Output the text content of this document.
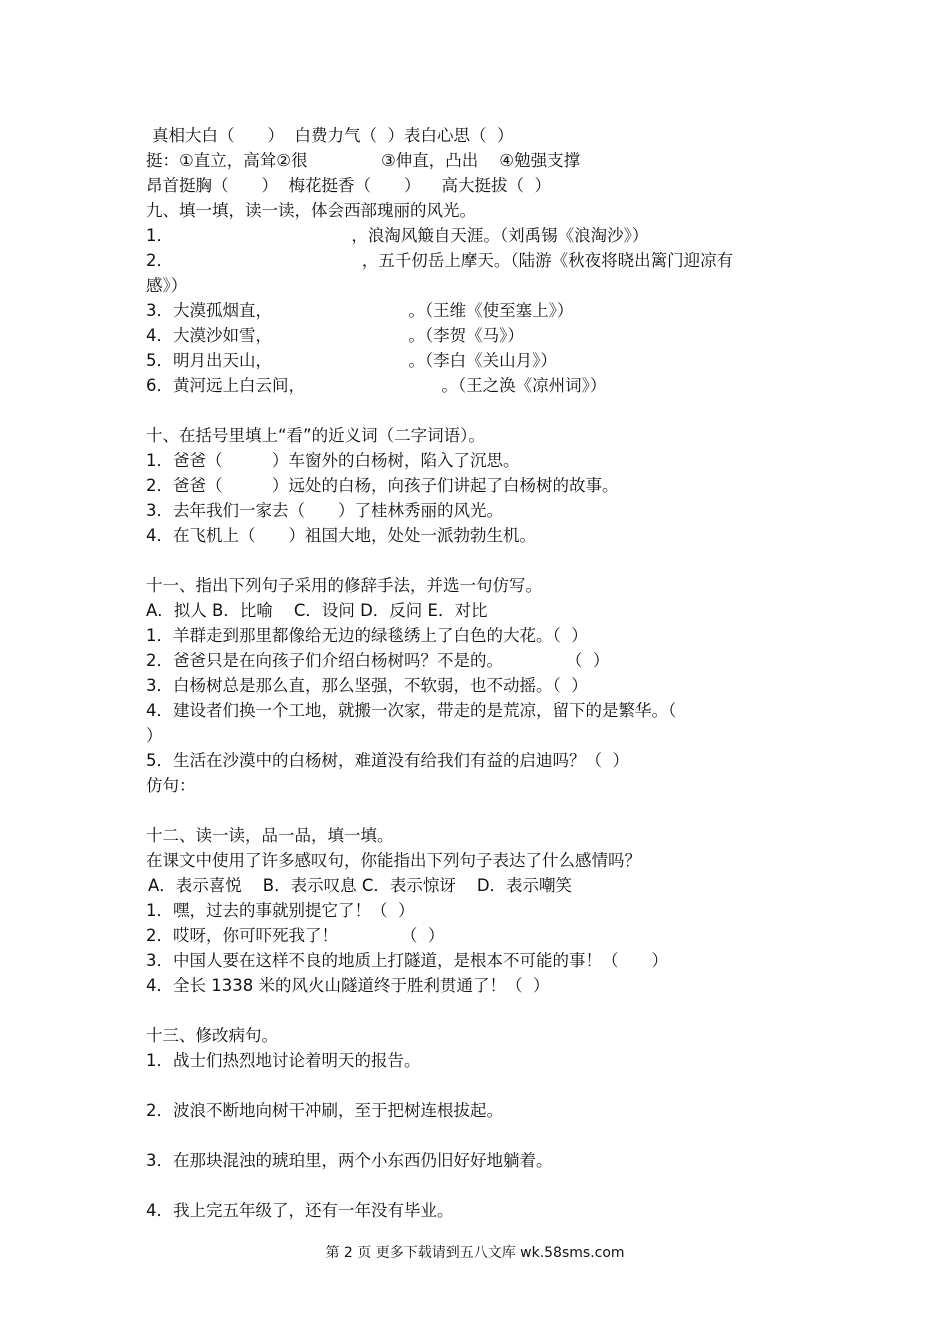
真相大白（　　）  白费力气（  ）表白心思（  ）
挺：①直立，高耸②很              ③伸直，凸出    ④勉强支撑
昂首挺胸（　　）  梅花挺香（　　）    高大挺拔（  ）
九、填一填，读一读，体会西部瑰丽的风光。
1．                                  ，浪淘风簸自天涯。（刘禹锡《浪淘沙》）
2．                                    ，五千仞岳上摩天。（陆游《秋夜将晓出篱门迎凉有
感》）
3．大漠孤烟直，                          。（王维《使至塞上》）
4．大漠沙如雪，                          。（李贺《马》）
5．明月出天山，                          。（李白《关山月》）
6．黄河远上白云间，                          。（王之涣《凉州词》）
十、在括号里填上“看”的近义词（二字词语）。
1．爸爸（　　　）车窗外的白杨树，陷入了沉思。
2．爸爸（　　　）远处的白杨，向孩子们讲起了白杨树的故事。
3．去年我们一家去（　　）了桂林秀丽的风光。
4．在飞机上（　　）祖国大地，处处一派勃勃生机。
十一、指出下列句子采用的修辞手法，并选一句仿写。
A．拟人 B．比喻    C．设问 D．反问 E．对比
1．羊群走到那里都像给无边的绿毯绣上了白色的大花。（  ）
2．爸爸只是在向孩子们介绍白杨树吗？不是的。            （  ）
3．白杨树总是那么直，那么坚强，不软弱，也不动摇。（  ）
4．建设者们换一个工地，就搬一次家，带走的是荒凉，留下的是繁华。（
）
5．生活在沙漠中的白杨树，难道没有给我们有益的启迪吗？（  ）
仿句：
十二、读一读，品一品，填一填。
在课文中使用了许多感叹句，你能指出下列句子表达了什么感情吗？
A．表示喜悦    B．表示叹息 C．表示惊讶    D．表示嘲笑
1．嘿，过去的事就别提它了！（  ）
2．哎呀，你可吓死我了！            （  ）
3．中国人要在这样不良的地质上打隧道，是根本不可能的事！（　　）
4．全长 1338 米的风火山隧道终于胜利贯通了！（  ）
十三、修改病句。
1．战士们热烈地讨论着明天的报告。
2．波浪不断地向树干冲刷，至于把树连根拔起。
3．在那块混浊的琥珀里，两个小东西仍旧好好地躺着。
4．我上完五年级了，还有一年没有毕业。
第 2 页 更多下载请到五八文库 wk.58sms.com
